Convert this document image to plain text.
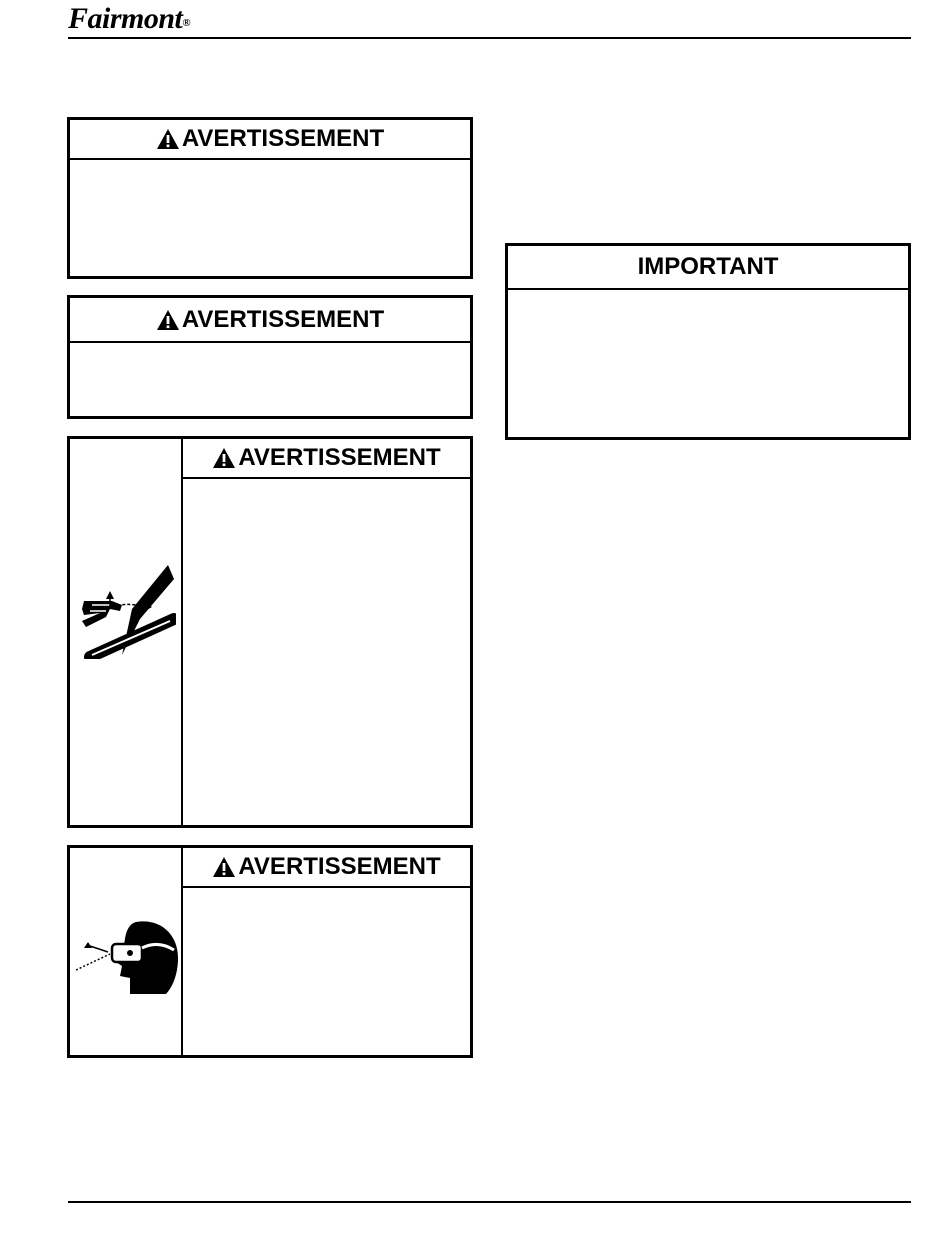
Fairmont®
AVERTISSEMENT
AVERTISSEMENT
AVERTISSEMENT
AVERTISSEMENT
IMPORTANT
